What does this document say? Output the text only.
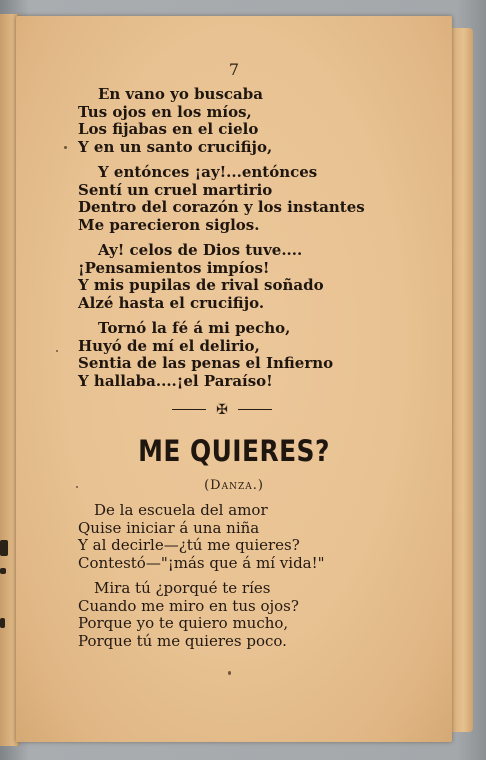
7
En vano yo buscaba
Tus ojos en los míos,
Los fijabas en el cielo
Y en un santo crucifijo,
Y entónces ¡ay!...entónces
Sentí un cruel martirio
Dentro del corazón y los instantes
Me parecieron siglos.
Ay! celos de Dios tuve....
¡Pensamientos impíos!
Y mis pupilas de rival soñado
Alzé hasta el crucifijo.
Tornó la fé á mi pecho,
Huyó de mí el delirio,
Sentia de las penas el Infierno
Y hallaba....¡el Paraíso!
✠
ME QUIERES?
(Danza.)
De la escuela del amor
Quise iniciar á una niña
Y al decirle—¿tú me quieres?
Contestó—"¡más que á mí vida!"
Mira tú ¿porqué te ríes
Cuando me miro en tus ojos?
Porque yo te quiero mucho,
Porque tú me quieres poco.
